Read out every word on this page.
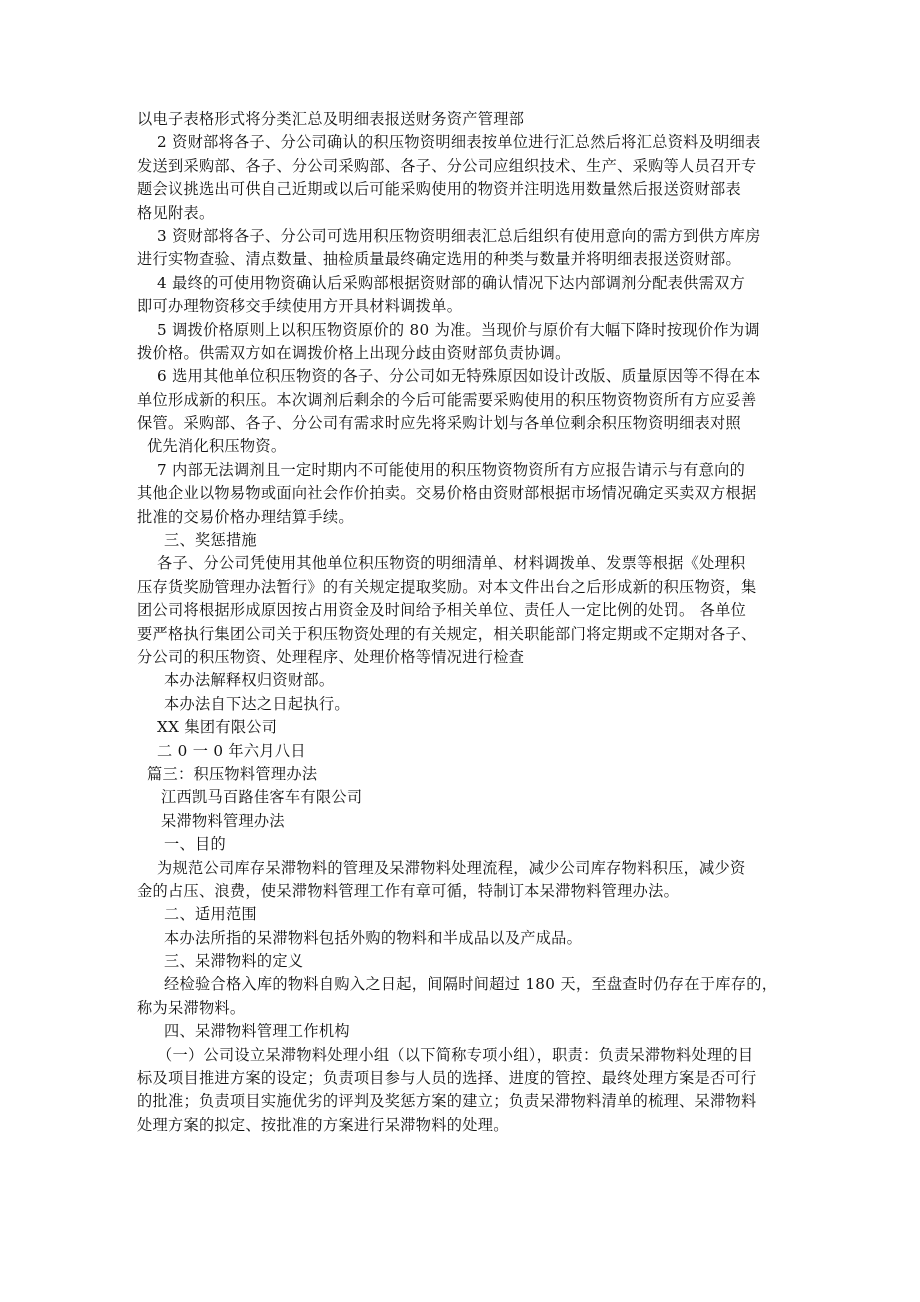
以电子表格形式将分类汇总及明细表报送财务资产管理部
2 资财部将各子、分公司确认的积压物资明细表按单位进行汇总然后将汇总资料及明细表
发送到采购部、各子、分公司采购部、各子、分公司应组织技术、生产、采购等人员召开专
题会议挑选出可供自己近期或以后可能采购使用的物资并注明选用数量然后报送资财部表
格见附表。
3 资财部将各子、分公司可选用积压物资明细表汇总后组织有使用意向的需方到供方库房
进行实物查验、清点数量、抽检质量最终确定选用的种类与数量并将明细表报送资财部。
4 最终的可使用物资确认后采购部根据资财部的确认情况下达内部调剂分配表供需双方
即可办理物资移交手续使用方开具材料调拨单。
5 调拨价格原则上以积压物资原价的 80 为准。当现价与原价有大幅下降时按现价作为调
拨价格。供需双方如在调拨价格上出现分歧由资财部负责协调。
6 选用其他单位积压物资的各子、分公司如无特殊原因如设计改版、质量原因等不得在本
单位形成新的积压。本次调剂后剩余的今后可能需要采购使用的积压物资物资所有方应妥善
保管。采购部、各子、分公司有需求时应先将采购计划与各单位剩余积压物资明细表对照
优先消化积压物资。
7 内部无法调剂且一定时期内不可能使用的积压物资物资所有方应报告请示与有意向的
其他企业以物易物或面向社会作价拍卖。交易价格由资财部根据市场情况确定买卖双方根据
批准的交易价格办理结算手续。
三、奖惩措施
各子、分公司凭使用其他单位积压物资的明细清单、材料调拨单、发票等根据《处理积
压存货奖励管理办法暂行》的有关规定提取奖励。对本文件出台之后形成新的积压物资，集
团公司将根据形成原因按占用资金及时间给予相关单位、责任人一定比例的处罚。 各单位
要严格执行集团公司关于积压物资处理的有关规定，相关职能部门将定期或不定期对各子、
分公司的积压物资、处理程序、处理价格等情况进行检查
本办法解释权归资财部。
本办法自下达之日起执行。
XX 集团有限公司
二 0 一 0 年六月八日
篇三：积压物料管理办法
江西凯马百路佳客车有限公司
呆滞物料管理办法
一、目的
为规范公司库存呆滞物料的管理及呆滞物料处理流程，减少公司库存物料积压，减少资
金的占压、浪费，使呆滞物料管理工作有章可循，特制订本呆滞物料管理办法。
二、适用范围
本办法所指的呆滞物料包括外购的物料和半成品以及产成品。
三、呆滞物料的定义
经检验合格入库的物料自购入之日起，间隔时间超过 180 天，至盘查时仍存在于库存的，
称为呆滞物料。
四、呆滞物料管理工作机构
（一）公司设立呆滞物料处理小组（以下简称专项小组），职责：负责呆滞物料处理的目
标及项目推进方案的设定；负责项目参与人员的选择、进度的管控、最终处理方案是否可行
的批准；负责项目实施优劣的评判及奖惩方案的建立；负责呆滞物料清单的梳理、呆滞物料
处理方案的拟定、按批准的方案进行呆滞物料的处理。
